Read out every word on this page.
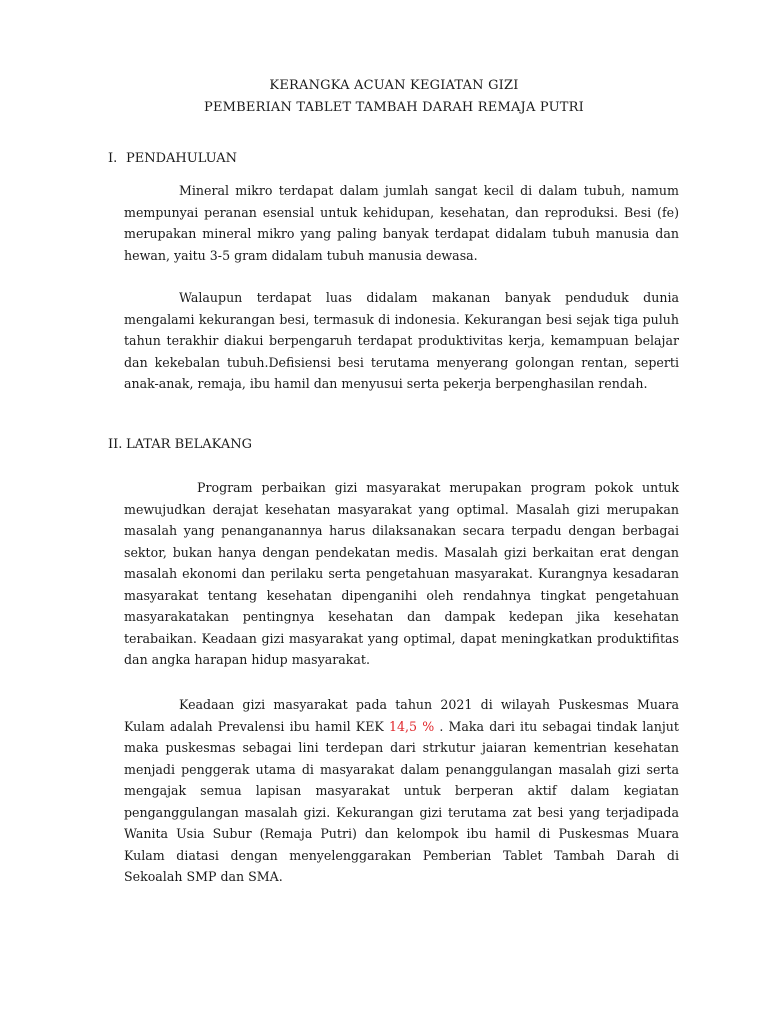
KERANGKA ACUAN KEGIATAN GIZI
PEMBERIAN TABLET TAMBAH DARAH REMAJA PUTRI
I. PENDAHULUAN

Mineral mikro terdapat dalam jumlah sangat kecil di dalam tubuh, namum mempunyai peranan esensial untuk kehidupan, kesehatan, dan reproduksi. Besi (fe) merupakan mineral mikro yang paling banyak terdapat didalam tubuh manusia dan hewan, yaitu 3-5 gram didalam tubuh manusia dewasa.

Walaupun terdapat luas didalam makanan banyak penduduk dunia mengalami kekurangan besi, termasuk di indonesia. Kekurangan besi sejak tiga puluh tahun terakhir diakui berpengaruh terdapat produktivitas kerja, kemampuan belajar dan kekebalan tubuh.Defisiensi besi terutama menyerang golongan rentan, seperti anak-anak, remaja, ibu hamil dan menyusui serta pekerja berpenghasilan rendah.

II. LATAR BELAKANG

Program perbaikan gizi masyarakat merupakan program pokok untuk mewujudkan derajat kesehatan masyarakat yang optimal. Masalah gizi merupakan masalah yang penanganannya harus dilaksanakan secara terpadu dengan berbagai sektor, bukan hanya dengan pendekatan medis. Masalah gizi berkaitan erat dengan masalah ekonomi dan perilaku serta pengetahuan masyarakat. Kurangnya kesadaran masyarakat tentang kesehatan dipenganihi oleh rendahnya tingkat pengetahuan masyarakatakan pentingnya kesehatan dan dampak kedepan jika kesehatan terabaikan. Keadaan gizi masyarakat yang optimal, dapat meningkatkan produktifitas dan angka harapan hidup masyarakat.

Keadaan gizi masyarakat pada tahun 2021 di wilayah Puskesmas Muara Kulam adalah Prevalensi ibu hamil KEK 14,5 % . Maka dari itu sebagai tindak lanjut maka puskesmas sebagai lini terdepan dari strkutur jaiaran kementrian kesehatan menjadi penggerak utama di masyarakat dalam penanggulangan masalah gizi serta mengajak semua lapisan masyarakat untuk berperan aktif dalam kegiatan penganggulangan masalah gizi. Kekurangan gizi terutama zat besi yang terjadipada Wanita Usia Subur (Remaja Putri) dan kelompok ibu hamil di Puskesmas Muara Kulam diatasi dengan menyelenggarakan Pemberian Tablet Tambah Darah di Sekoalah SMP dan SMA.
